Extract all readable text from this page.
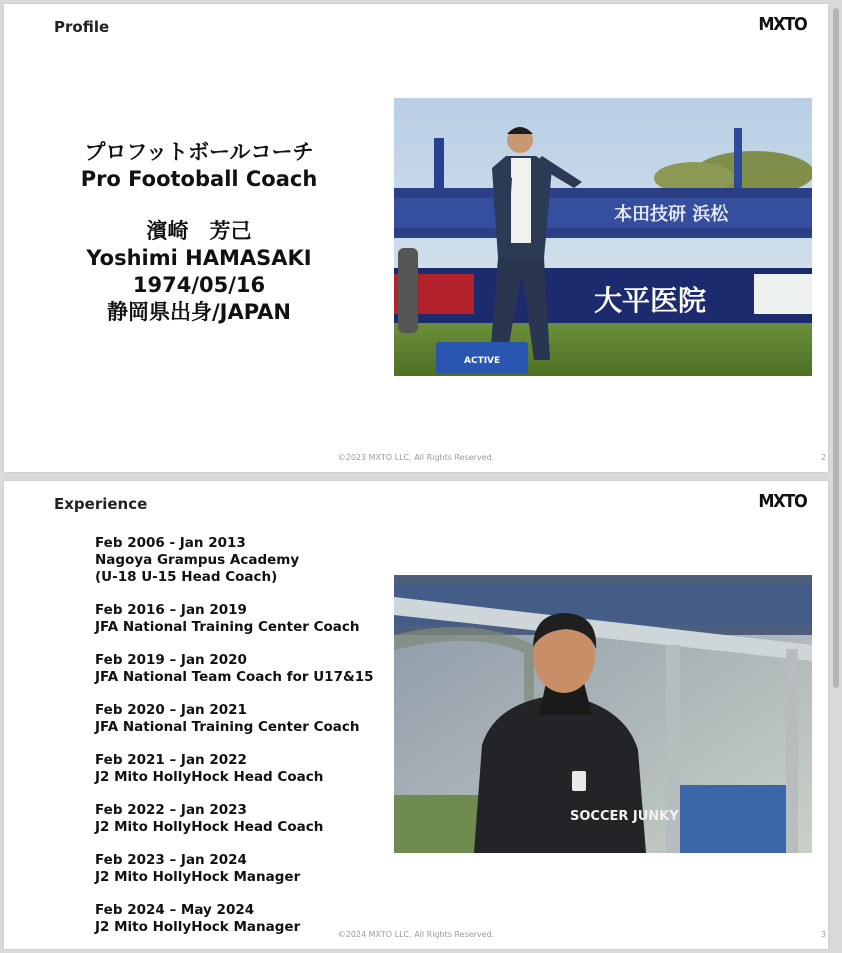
Profile	MXTO
プロフットボールコーチ
Pro Footoball Coach
濱崎　芳己
Yoshimi HAMASAKI
1974/05/16
静岡県出身/JAPAN
本田技研 浜松
大平医院
ACTIVE
©2023 MXTO LLC. All Rights Reserved.	2
Experience	MXTO
Feb 2006 - Jan 2013
Nagoya Grampus Academy
(U-18 U-15 Head Coach)
Feb 2016 – Jan 2019
JFA National Training Center Coach
Feb 2019 – Jan 2020
JFA National Team Coach for U17&15
Feb 2020 – Jan 2021
JFA National Training Center Coach
Feb 2021 – Jan 2022
J2 Mito HollyHock Head Coach
Feb 2022 – Jan 2023
J2 Mito HollyHock Head Coach
Feb 2023 – Jan 2024
J2 Mito HollyHock Manager
Feb 2024 – May 2024
J2 Mito HollyHock Manager
SOCCER JUNKY
©2024 MXTO LLC. All Rights Reserved.	3
